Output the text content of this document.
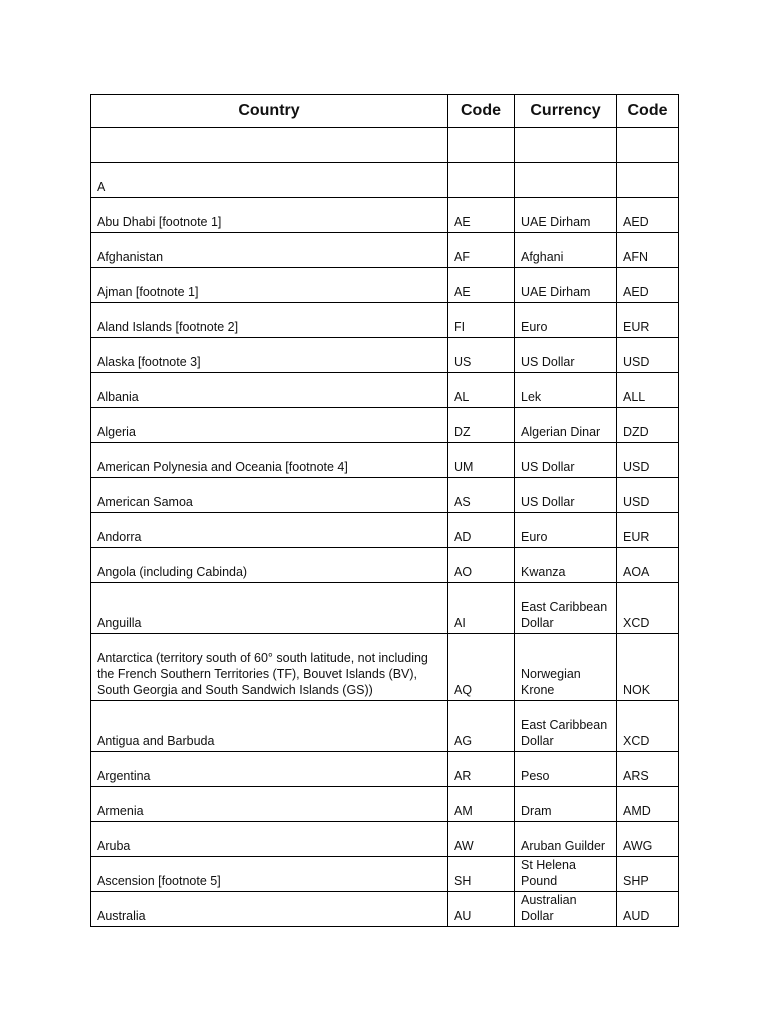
Country	Code	Currency	Code

A			
Abu Dhabi [footnote 1]	AE	UAE Dirham	AED
Afghanistan	AF	Afghani	AFN
Ajman [footnote 1]	AE	UAE Dirham	AED
Aland Islands [footnote 2]	FI	Euro	EUR
Alaska [footnote 3]	US	US Dollar	USD
Albania	AL	Lek	ALL
Algeria	DZ	Algerian Dinar	DZD
American Polynesia and Oceania [footnote 4]	UM	US Dollar	USD
American Samoa	AS	US Dollar	USD
Andorra	AD	Euro	EUR
Angola (including Cabinda)	AO	Kwanza	AOA
Anguilla	AI	East Caribbean Dollar	XCD
Antarctica (territory south of 60° south latitude, not including the French Southern Territories (TF), Bouvet Islands (BV), South Georgia and South Sandwich Islands (GS))	AQ	Norwegian Krone	NOK
Antigua and Barbuda	AG	East Caribbean Dollar	XCD
Argentina	AR	Peso	ARS
Armenia	AM	Dram	AMD
Aruba	AW	Aruban Guilder	AWG
Ascension [footnote 5]	SH	St Helena Pound	SHP
Australia	AU	Australian Dollar	AUD
